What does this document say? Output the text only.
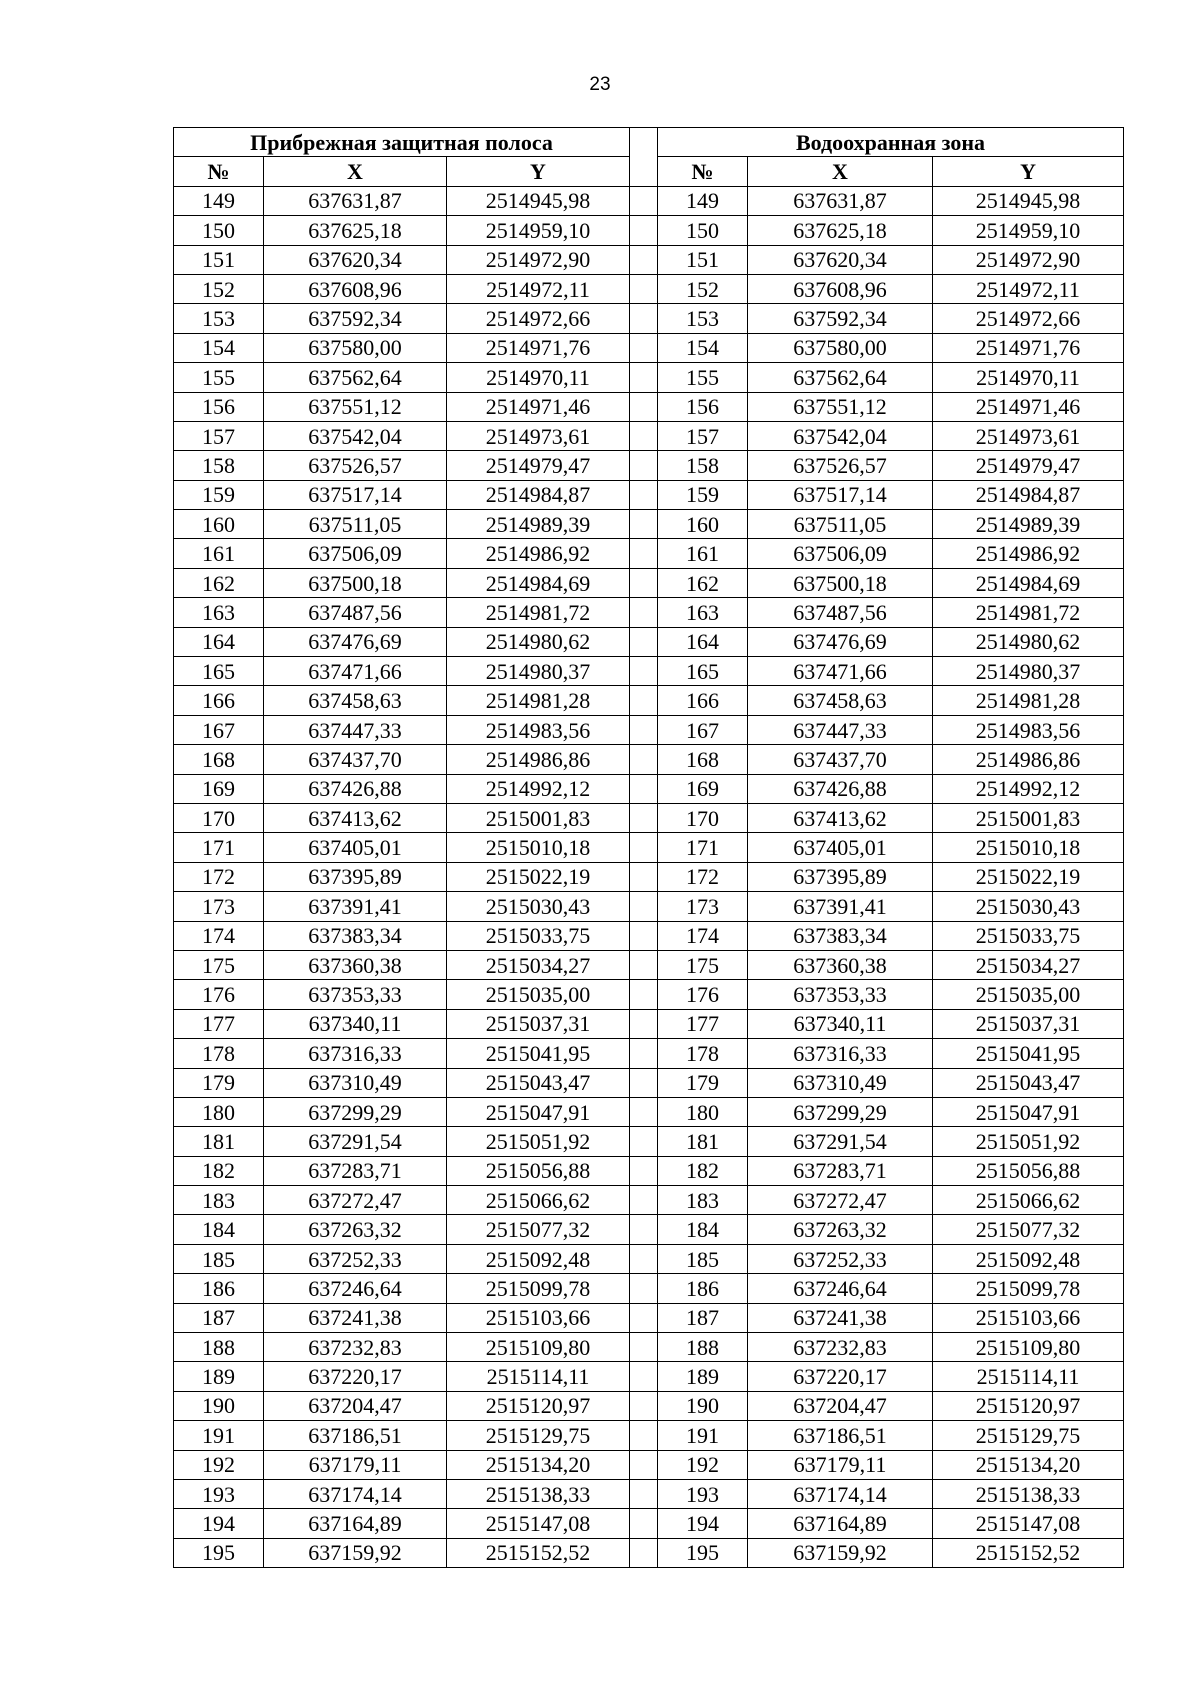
23
Прибрежная защитная полоса				Водоохранная зона		
№	X	Y		№	X	Y
149	637631,87	2514945,98		149	637631,87	2514945,98
150	637625,18	2514959,10		150	637625,18	2514959,10
151	637620,34	2514972,90		151	637620,34	2514972,90
152	637608,96	2514972,11		152	637608,96	2514972,11
153	637592,34	2514972,66		153	637592,34	2514972,66
154	637580,00	2514971,76		154	637580,00	2514971,76
155	637562,64	2514970,11		155	637562,64	2514970,11
156	637551,12	2514971,46		156	637551,12	2514971,46
157	637542,04	2514973,61		157	637542,04	2514973,61
158	637526,57	2514979,47		158	637526,57	2514979,47
159	637517,14	2514984,87		159	637517,14	2514984,87
160	637511,05	2514989,39		160	637511,05	2514989,39
161	637506,09	2514986,92		161	637506,09	2514986,92
162	637500,18	2514984,69		162	637500,18	2514984,69
163	637487,56	2514981,72		163	637487,56	2514981,72
164	637476,69	2514980,62		164	637476,69	2514980,62
165	637471,66	2514980,37		165	637471,66	2514980,37
166	637458,63	2514981,28		166	637458,63	2514981,28
167	637447,33	2514983,56		167	637447,33	2514983,56
168	637437,70	2514986,86		168	637437,70	2514986,86
169	637426,88	2514992,12		169	637426,88	2514992,12
170	637413,62	2515001,83		170	637413,62	2515001,83
171	637405,01	2515010,18		171	637405,01	2515010,18
172	637395,89	2515022,19		172	637395,89	2515022,19
173	637391,41	2515030,43		173	637391,41	2515030,43
174	637383,34	2515033,75		174	637383,34	2515033,75
175	637360,38	2515034,27		175	637360,38	2515034,27
176	637353,33	2515035,00		176	637353,33	2515035,00
177	637340,11	2515037,31		177	637340,11	2515037,31
178	637316,33	2515041,95		178	637316,33	2515041,95
179	637310,49	2515043,47		179	637310,49	2515043,47
180	637299,29	2515047,91		180	637299,29	2515047,91
181	637291,54	2515051,92		181	637291,54	2515051,92
182	637283,71	2515056,88		182	637283,71	2515056,88
183	637272,47	2515066,62		183	637272,47	2515066,62
184	637263,32	2515077,32		184	637263,32	2515077,32
185	637252,33	2515092,48		185	637252,33	2515092,48
186	637246,64	2515099,78		186	637246,64	2515099,78
187	637241,38	2515103,66		187	637241,38	2515103,66
188	637232,83	2515109,80		188	637232,83	2515109,80
189	637220,17	2515114,11		189	637220,17	2515114,11
190	637204,47	2515120,97		190	637204,47	2515120,97
191	637186,51	2515129,75		191	637186,51	2515129,75
192	637179,11	2515134,20		192	637179,11	2515134,20
193	637174,14	2515138,33		193	637174,14	2515138,33
194	637164,89	2515147,08		194	637164,89	2515147,08
195	637159,92	2515152,52		195	637159,92	2515152,52
